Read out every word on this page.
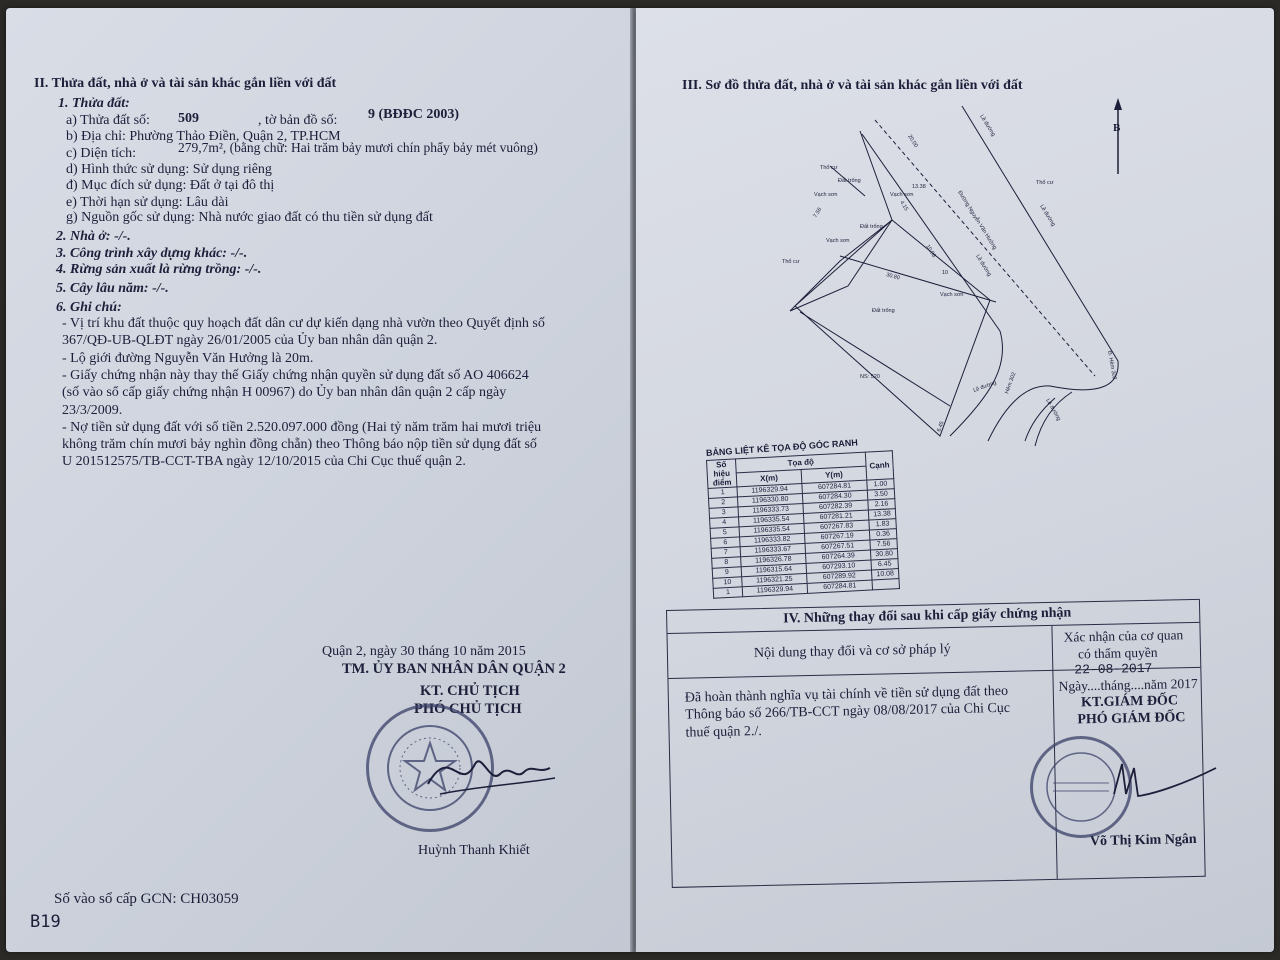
II. Thửa đất, nhà ở và tài sản khác gắn liền với đất
1. Thửa đất:
a) Thửa đất số: 509	, tờ bản đồ số: 9 (BĐĐC 2003)
b) Địa chỉ: Phường Thảo Điền, Quận 2, TP.HCM
c) Diện tích:	279,7m², (bằng chữ: Hai trăm bảy mươi chín phẩy bảy mét vuông)
d) Hình thức sử dụng: Sử dụng riêng
đ) Mục đích sử dụng: Đất ở tại đô thị
e) Thời hạn sử dụng: Lâu dài
g) Nguồn gốc sử dụng: Nhà nước giao đất có thu tiền sử dụng đất
2. Nhà ở: -/-.
3. Công trình xây dựng khác: -/-.
4. Rừng sản xuất là rừng trồng: -/-.
5. Cây lâu năm: -/-.
6. Ghi chú:
- Vị trí khu đất thuộc quy hoạch đất dân cư dự kiến dạng nhà vườn theo Quyết định số
367/QĐ-UB-QLĐT ngày 26/01/2005 của Ủy ban nhân dân quận 2.
- Lộ giới đường Nguyễn Văn Hưởng là 20m.
- Giấy chứng nhận này thay thế Giấy chứng nhận quyền sử dụng đất số AO 406624
(số vào sổ cấp giấy chứng nhận H 00967) do Ủy ban nhân dân quận 2 cấp ngày
23/3/2009.
- Nợ tiền sử dụng đất với số tiền 2.520.097.000 đồng (Hai tỷ năm trăm hai mươi triệu
không trăm chín mươi bảy nghìn đồng chẵn) theo Thông báo nộp tiền sử dụng đất số
U 201512575/TB-CCT-TBA ngày 12/10/2015 của Chi Cục thuế quận 2.
Quận 2, ngày 30 tháng 10 năm 2015
TM. ỦY BAN NHÂN DÂN QUẬN 2
KT. CHỦ TỊCH
PHÓ CHỦ TỊCH
Huỳnh Thanh Khiết
Số vào sổ cấp GCN: CH03059
B19
III. Sơ đồ thửa đất, nhà ở và tài sản khác gắn liền với đất
B
Thổ cư
Thổ cư
Thổ cư
Đất trống
Đất trống
Đất trống
Vạch sơn	Vạch sơn
Vạch sơn
Vạch sơn
Đường Nguyễn Văn Hưởng	Lề đường
Lề đường
Lề đường
Lề đường
Lề đường
Đ. Hẻm 302
Hẻm 302
NS: 520
30.80
13.38
10
10.08
7.56
20.00
6.45
4.15
BẢNG LIỆT KÊ TỌA ĐỘ GÓC RANH
Số hiệu điểm	Tọa độ		Cạnh
	X(m)	Y(m)	
1	1196329.94	607284.81	1.00
2	1196330.80	607284.30	3.50
3	1196333.73	607282.39	2.16
4	1196335.54	607281.21	13.38
5	1196335.54	607267.83	1.83
6	1196333.82	607267.19	0.36
7	1196333.67	607267.51	7.56
8	1196326.78	607264.39	30.80
9	1196315.64	607293.10	6.45
10	1196321.25	607289.92	10.08
1	1196329.94	607284.81	
IV. Những thay đổi sau khi cấp giấy chứng nhận
Nội dung thay đổi và cơ sở pháp lý
Xác nhận của cơ quan
có thẩm quyền
Đã hoàn thành nghĩa vụ tài chính về tiền sử dụng đất theo
Thông báo số 266/TB-CCT ngày 08/08/2017 của Chi Cục
thuế quận 2./.
22-08-2017
Ngày....tháng....năm 2017
KT.GIÁM ĐỐC
PHÓ GIÁM ĐỐC
Võ Thị Kim Ngân
